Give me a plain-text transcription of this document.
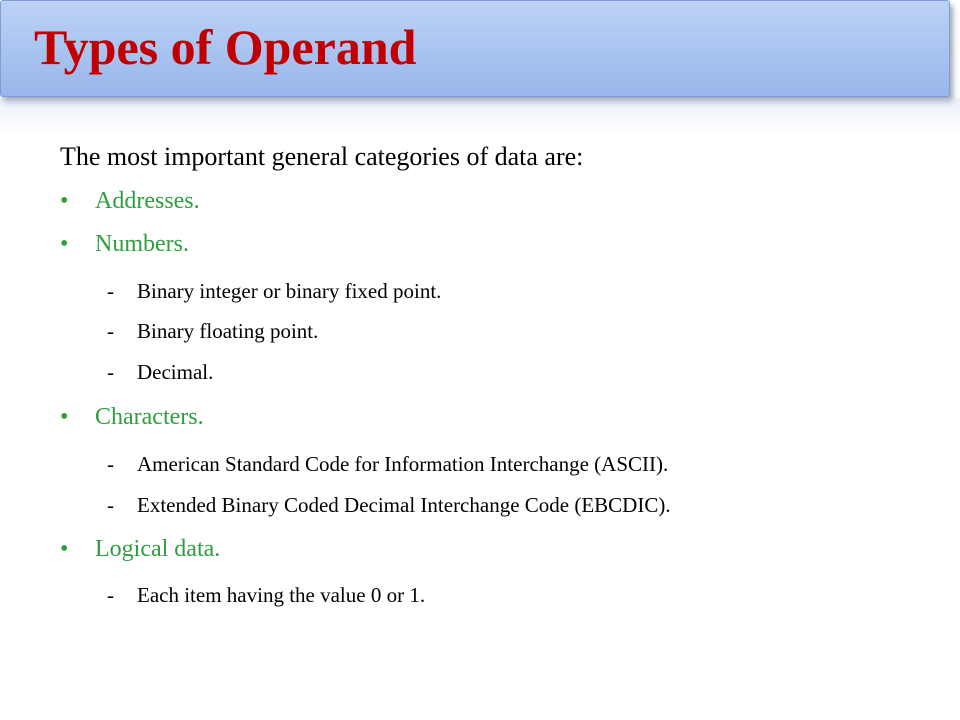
Types of Operand
The most important general categories of data are:
• Addresses.
• Numbers.
- Binary integer or binary fixed point.
- Binary floating point.
- Decimal.
• Characters.
- American Standard Code for Information Interchange (ASCII).
- Extended Binary Coded Decimal Interchange Code (EBCDIC).
• Logical data.
- Each item having the value 0 or 1.
